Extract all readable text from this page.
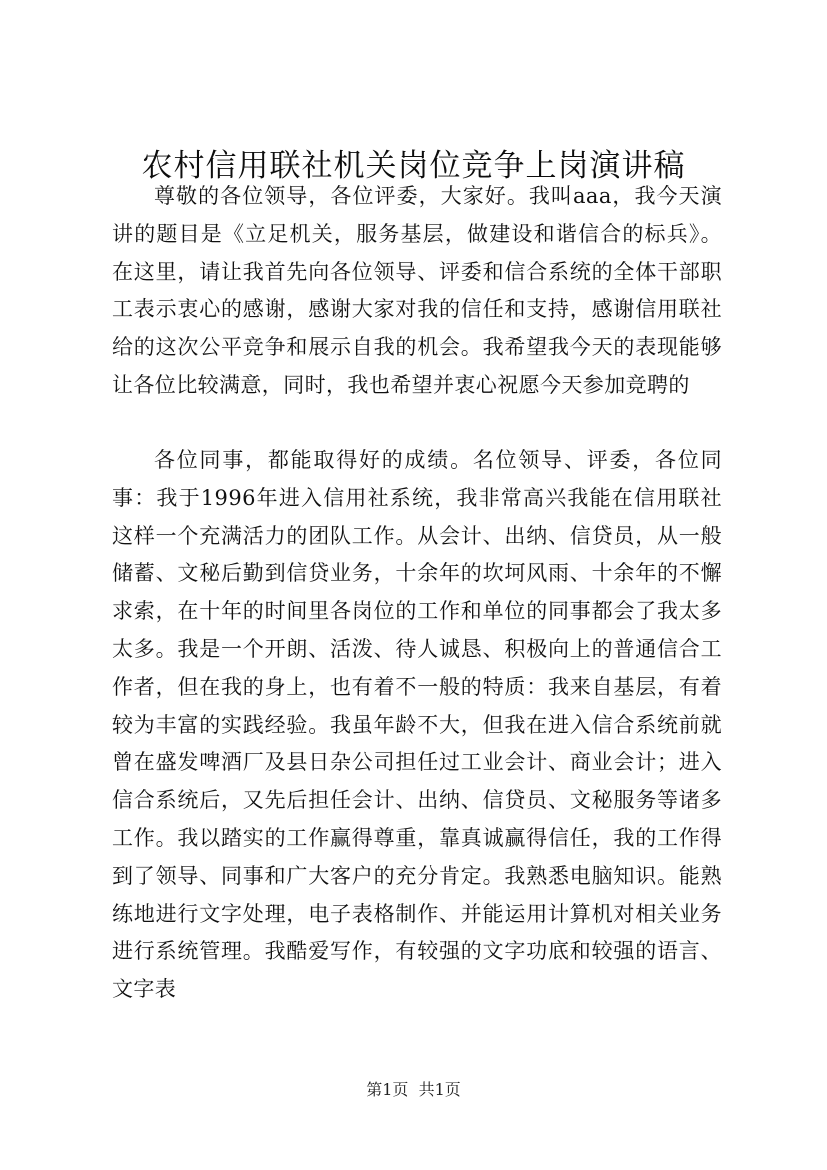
农村信用联社机关岗位竞争上岗演讲稿
尊敬的各位领导，各位评委，大家好。我叫aaa，我今天演讲的题目是《立足机关，服务基层，做建设和谐信合的标兵》。在这里，请让我首先向各位领导、评委和信合系统的全体干部职工表示衷心的感谢，感谢大家对我的信任和支持，感谢信用联社给的这次公平竞争和展示自我的机会。我希望我今天的表现能够让各位比较满意，同时，我也希望并衷心祝愿今天参加竞聘的
各位同事，都能取得好的成绩。名位领导、评委，各位同事：我于1996年进入信用社系统，我非常高兴我能在信用联社这样一个充满活力的团队工作。从会计、出纳、信贷员，从一般储蓄、文秘后勤到信贷业务，十余年的坎坷风雨、十余年的不懈求索，在十年的时间里各岗位的工作和单位的同事都会了我太多太多。我是一个开朗、活泼、待人诚恳、积极向上的普通信合工作者，但在我的身上，也有着不一般的特质：我来自基层，有着较为丰富的实践经验。我虽年龄不大，但我在进入信合系统前就曾在盛发啤酒厂及县日杂公司担任过工业会计、商业会计；进入信合系统后，又先后担任会计、出纳、信贷员、文秘服务等诸多工作。我以踏实的工作赢得尊重，靠真诚赢得信任，我的工作得到了领导、同事和广大客户的充分肯定。我熟悉电脑知识。能熟练地进行文字处理，电子表格制作、并能运用计算机对相关业务进行系统管理。我酷爱写作，有较强的文字功底和较强的语言、文字表
第1页 共1页
